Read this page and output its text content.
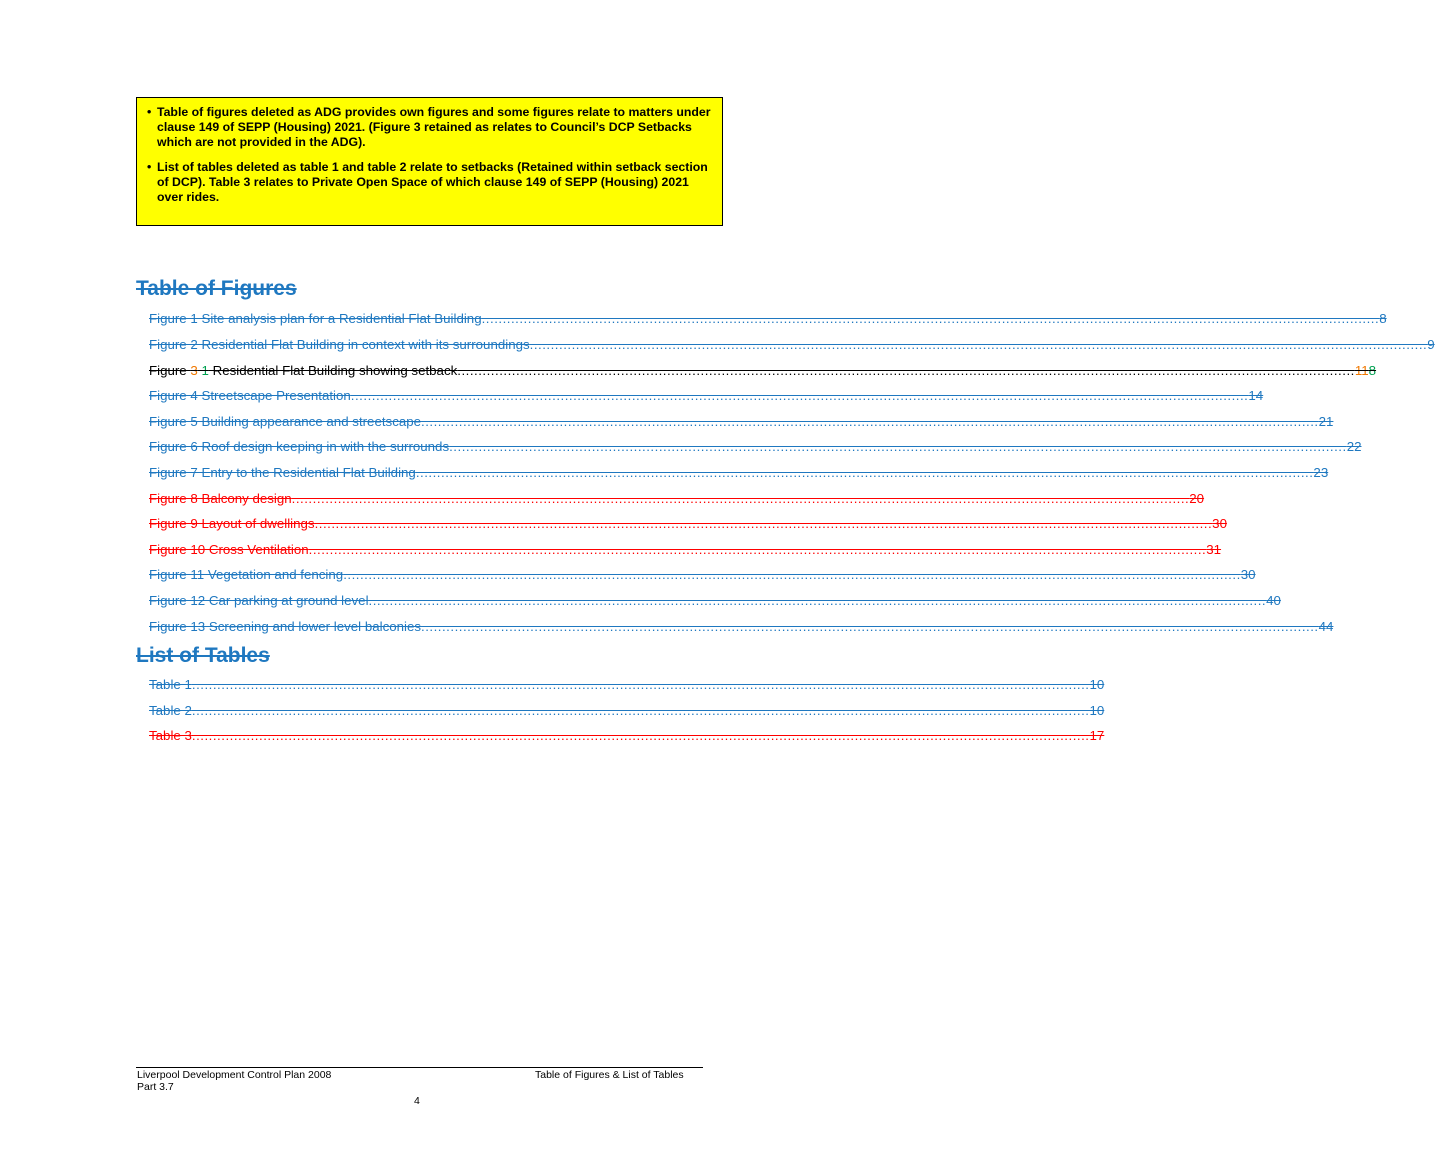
• Table of figures deleted as ADG provides own figures and some figures relate to matters under clause 149 of SEPP (Housing) 2021. (Figure 3 retained as relates to Council’s DCP Setbacks which are not provided in the ADG).
• List of tables deleted as table 1 and table 2 relate to setbacks (Retained within setback section of DCP). Table 3 relates to Private Open Space of which clause 149 of SEPP (Housing) 2021 over rides.
Table of Figures
Figure 1 Site analysis plan for a Residential Flat Building ...................................................................................................................................................................................................................... 8
Figure 2 Residential Flat Building in context with its surroundings ...................................................................................................................................................................................................................... 9
Figure 3 1 Residential Flat Building showing setback ...................................................................................................................................................................................................................... 118
Figure 4 Streetscape Presentation ...................................................................................................................................................................................................................... 14
Figure 5 Building appearance and streetscape ...................................................................................................................................................................................................................... 21
Figure 6 Roof design keeping in with the surrounds ...................................................................................................................................................................................................................... 22
Figure 7 Entry to the Residential Flat Building ...................................................................................................................................................................................................................... 23
Figure 8 Balcony design ...................................................................................................................................................................................................................... 20
Figure 9 Layout of dwellings ...................................................................................................................................................................................................................... 30
Figure 10 Cross Ventilation ...................................................................................................................................................................................................................... 31
Figure 11 Vegetation and fencing ...................................................................................................................................................................................................................... 30
Figure 12 Car parking at ground level ...................................................................................................................................................................................................................... 40
Figure 13 Screening and lower level balconies ...................................................................................................................................................................................................................... 44
List of Tables
Table 1 ...................................................................................................................................................................................................................... 10
Table 2 ...................................................................................................................................................................................................................... 10
Table 3 ...................................................................................................................................................................................................................... 17
Liverpool Development Control Plan 2008
Part 3.7
Table of Figures & List of Tables
4
